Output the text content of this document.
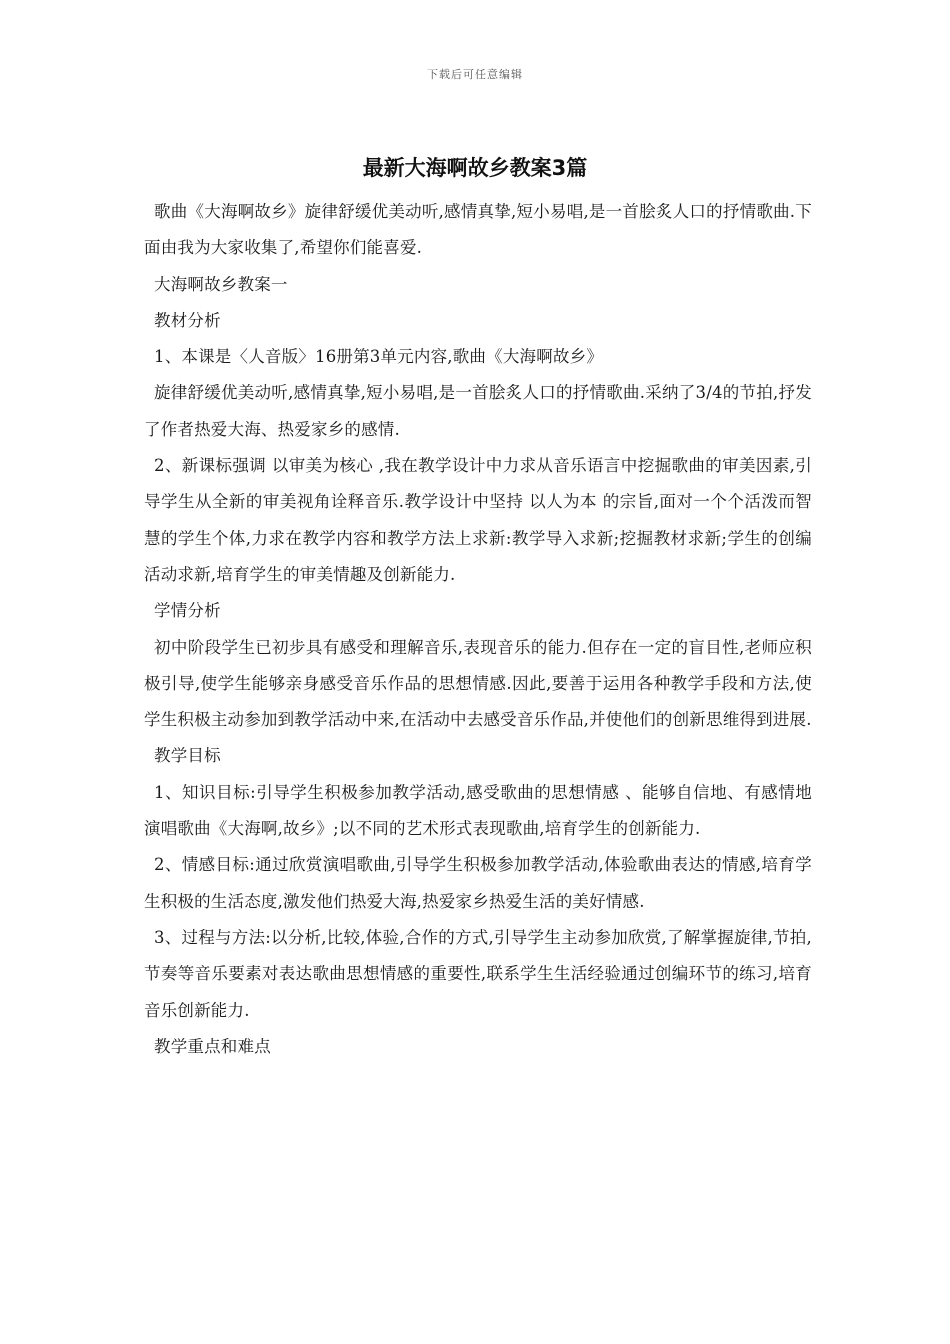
下载后可任意编辑
最新大海啊故乡教案3篇

歌曲《大海啊故乡》旋律舒缓优美动听,感情真挚,短小易唱,是一首脍炙人口的抒情歌曲.下面由我为大家收集了,希望你们能喜爱.

大海啊故乡教案一

教材分析

1、本课是〈人音版〉16册第3单元内容,歌曲《大海啊故乡》

旋律舒缓优美动听,感情真挚,短小易唱,是一首脍炙人口的抒情歌曲.采纳了3/4的节拍,抒发了作者热爱大海、热爱家乡的感情.

2、新课标强调 以审美为核心 ,我在教学设计中力求从音乐语言中挖掘歌曲的审美因素,引导学生从全新的审美视角诠释音乐.教学设计中坚持 以人为本 的宗旨,面对一个个活泼而智慧的学生个体,力求在教学内容和教学方法上求新:教学导入求新;挖掘教材求新;学生的创编活动求新,培育学生的审美情趣及创新能力.

学情分析

初中阶段学生已初步具有感受和理解音乐,表现音乐的能力.但存在一定的盲目性,老师应积极引导,使学生能够亲身感受音乐作品的思想情感.因此,要善于运用各种教学手段和方法,使学生积极主动参加到教学活动中来,在活动中去感受音乐作品,并使他们的创新思维得到进展.

教学目标

1、知识目标:引导学生积极参加教学活动,感受歌曲的思想情感 、能够自信地、有感情地演唱歌曲《大海啊,故乡》;以不同的艺术形式表现歌曲,培育学生的创新能力.

2、情感目标:通过欣赏演唱歌曲,引导学生积极参加教学活动,体验歌曲表达的情感,培育学生积极的生活态度,激发他们热爱大海,热爱家乡热爱生活的美好情感.

3、过程与方法:以分析,比较,体验,合作的方式,引导学生主动参加欣赏,了解掌握旋律,节拍,节奏等音乐要素对表达歌曲思想情感的重要性,联系学生生活经验通过创编环节的练习,培育音乐创新能力.

教学重点和难点
